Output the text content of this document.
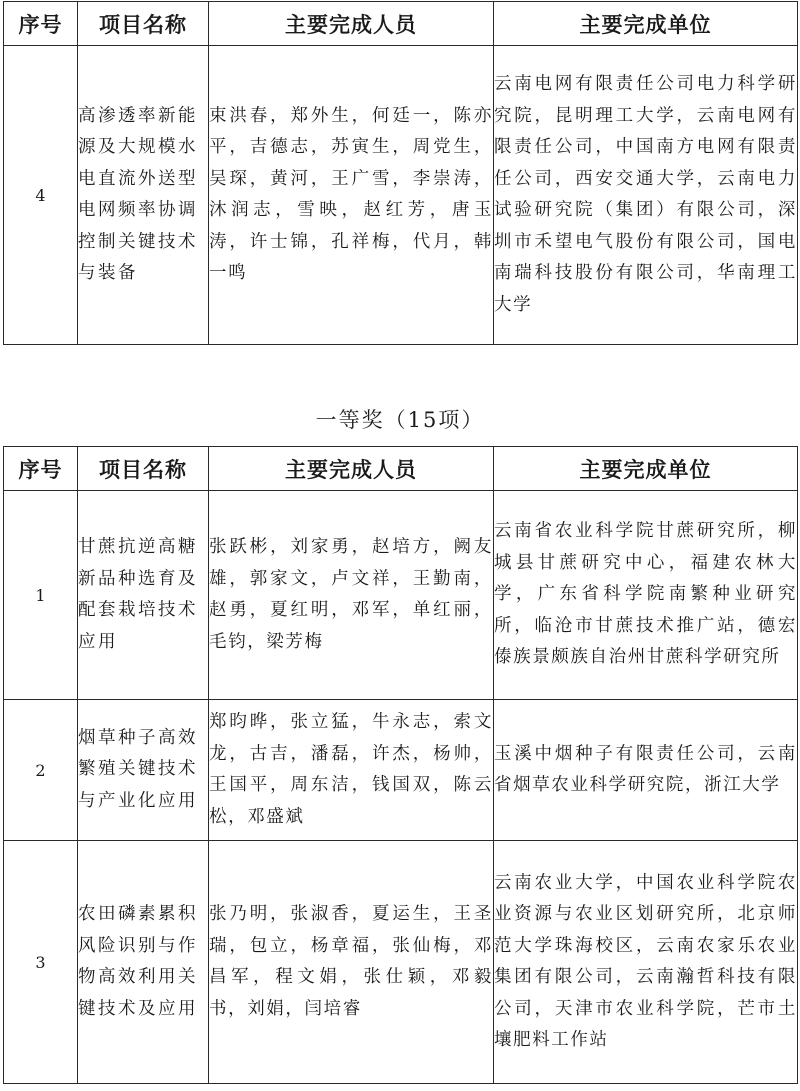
序号	项目名称	主要完成人员	主要完成单位
4	高渗透率新能源及大规模水电直流外送型电网频率协调控制关键技术与装备	束洪春，郑外生，何廷一，陈亦平，吉德志，苏寅生，周党生，吴琛，黄河，王广雪，李崇涛，沐润志，雪映，赵红芳，唐玉涛，许士锦，孔祥梅，代月，韩一鸣	云南电网有限责任公司电力科学研究院，昆明理工大学，云南电网有限责任公司，中国南方电网有限责任公司，西安交通大学，云南电力试验研究院（集团）有限公司，深圳市禾望电气股份有限公司，国电南瑞科技股份有限公司，华南理工大学
一等奖（15项）
序号	项目名称	主要完成人员	主要完成单位
1	甘蔗抗逆高糖新品种选育及配套栽培技术应用	张跃彬，刘家勇，赵培方，阙友雄，郭家文，卢文祥，王勤南，赵勇，夏红明，邓军，单红丽，毛钧，梁芳梅	云南省农业科学院甘蔗研究所，柳城县甘蔗研究中心，福建农林大学，广东省科学院南繁种业研究所，临沧市甘蔗技术推广站，德宏傣族景颇族自治州甘蔗科学研究所
2	烟草种子高效繁殖关键技术与产业化应用	郑昀晔，张立猛，牛永志，索文龙，古吉，潘磊，许杰，杨帅，王国平，周东洁，钱国双，陈云松，邓盛斌	玉溪中烟种子有限责任公司，云南省烟草农业科学研究院，浙江大学
3	农田磷素累积风险识别与作物高效利用关键技术及应用	张乃明，张淑香，夏运生，王圣瑞，包立，杨章福，张仙梅，邓昌军，程文娟，张仕颖，邓毅书，刘娟，闫培睿	云南农业大学，中国农业科学院农业资源与农业区划研究所，北京师范大学珠海校区，云南农家乐农业集团有限公司，云南瀚哲科技有限公司，天津市农业科学院，芒市土壤肥料工作站
